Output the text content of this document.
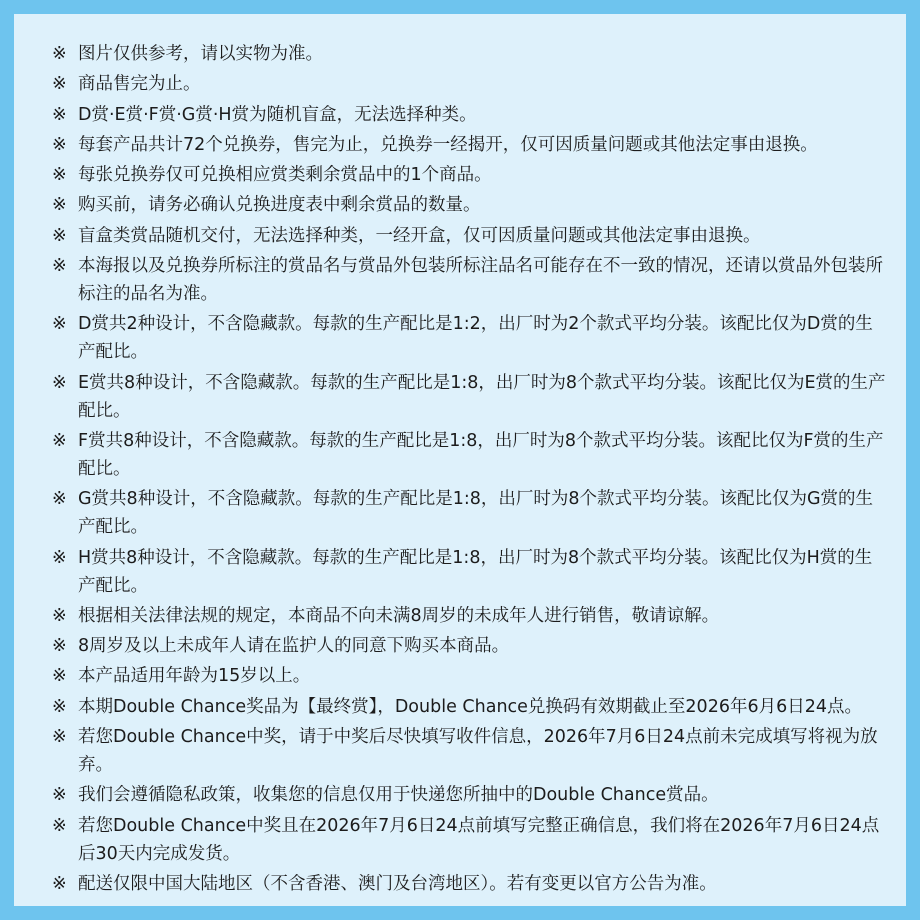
※ 图片仅供参考，请以实物为准。
※ 商品售完为止。
※ D赏·E赏·F赏·G赏·H赏为随机盲盒，无法选择种类。
※ 每套产品共计72个兑换券，售完为止，兑换券一经揭开，仅可因质量问题或其他法定事由退换。
※ 每张兑换券仅可兑换相应赏类剩余赏品中的1个商品。
※ 购买前，请务必确认兑换进度表中剩余赏品的数量。
※ 盲盒类赏品随机交付，无法选择种类，一经开盒，仅可因质量问题或其他法定事由退换。
※ 本海报以及兑换券所标注的赏品名与赏品外包装所标注品名可能存在不一致的情况，还请以赏品外包装所标注的品名为准。
※ D赏共2种设计，不含隐藏款。每款的生产配比是1:2，出厂时为2个款式平均分装。该配比仅为D赏的生产配比。
※ E赏共8种设计，不含隐藏款。每款的生产配比是1:8，出厂时为8个款式平均分装。该配比仅为E赏的生产配比。
※ F赏共8种设计，不含隐藏款。每款的生产配比是1:8，出厂时为8个款式平均分装。该配比仅为F赏的生产配比。
※ G赏共8种设计，不含隐藏款。每款的生产配比是1:8，出厂时为8个款式平均分装。该配比仅为G赏的生产配比。
※ H赏共8种设计，不含隐藏款。每款的生产配比是1:8，出厂时为8个款式平均分装。该配比仅为H赏的生产配比。
※ 根据相关法律法规的规定，本商品不向未满8周岁的未成年人进行销售，敬请谅解。
※ 8周岁及以上未成年人请在监护人的同意下购买本商品。
※ 本产品适用年龄为15岁以上。
※ 本期Double Chance奖品为【最终赏】，Double Chance兑换码有效期截止至2026年6月6日24点。
※ 若您Double Chance中奖，请于中奖后尽快填写收件信息，2026年7月6日24点前未完成填写将视为放弃。
※ 我们会遵循隐私政策，收集您的信息仅用于快递您所抽中的Double Chance赏品。
※ 若您Double Chance中奖且在2026年7月6日24点前填写完整正确信息，我们将在2026年7月6日24点后30天内完成发货。
※ 配送仅限中国大陆地区（不含香港、澳门及台湾地区）。若有变更以官方公告为准。
